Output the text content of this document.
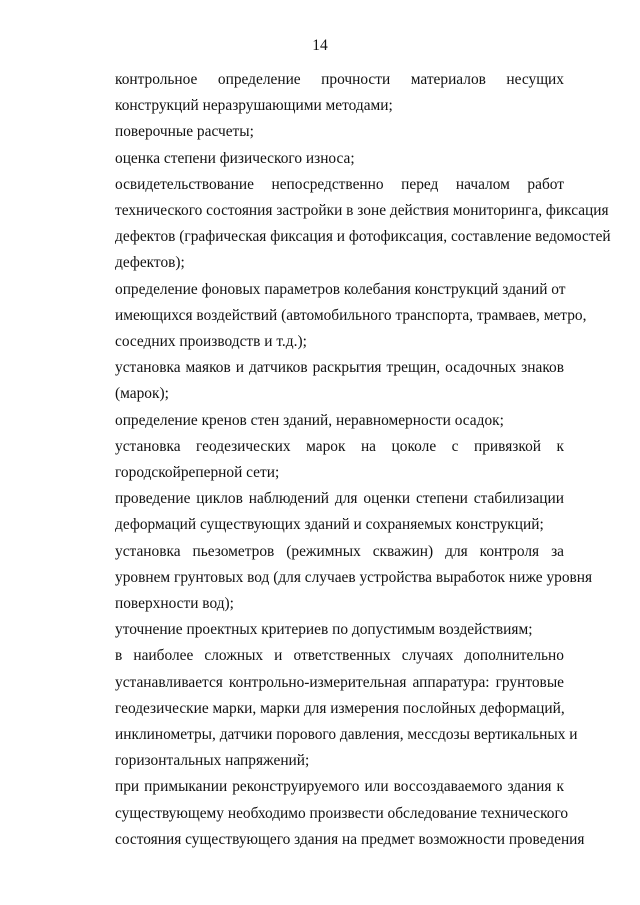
14

контрольное определение прочности материалов несущих
конструкций неразрушающими методами;

поверочные расчеты;

оценка степени физического износа;

освидетельствование непосредственно перед началом работ
технического состояния застройки в зоне действия мониторинга, фиксация
дефектов (графическая фиксация и фотофиксация, составление ведомостей
дефектов);

определение фоновых параметров колебания конструкций зданий от
имеющихся воздействий (автомобильного транспорта, трамваев, метро,
соседних производств и т.д.);

установка маяков и датчиков раскрытия трещин, осадочных знаков
(марок);

определение кренов стен зданий, неравномерности осадок;

установка геодезических марок на цоколе с привязкой к
городскойреперной сети;

проведение циклов наблюдений для оценки степени стабилизации
деформаций существующих зданий и сохраняемых конструкций;

установка пьезометров (режимных скважин) для контроля за
уровнем грунтовых вод (для случаев устройства выработок ниже уровня
поверхности вод);

уточнение проектных критериев по допустимым воздействиям;

в наиболее сложных и ответственных случаях дополнительно
устанавливается контрольно-измерительная аппаратура: грунтовые
геодезические марки, марки для измерения послойных деформаций,
инклинометры, датчики порового давления, мессдозы вертикальных и
горизонтальных напряжений;

при примыкании реконструируемого или воссоздаваемого здания к
существующему необходимо произвести обследование технического
состояния существующего здания на предмет возможности проведения
